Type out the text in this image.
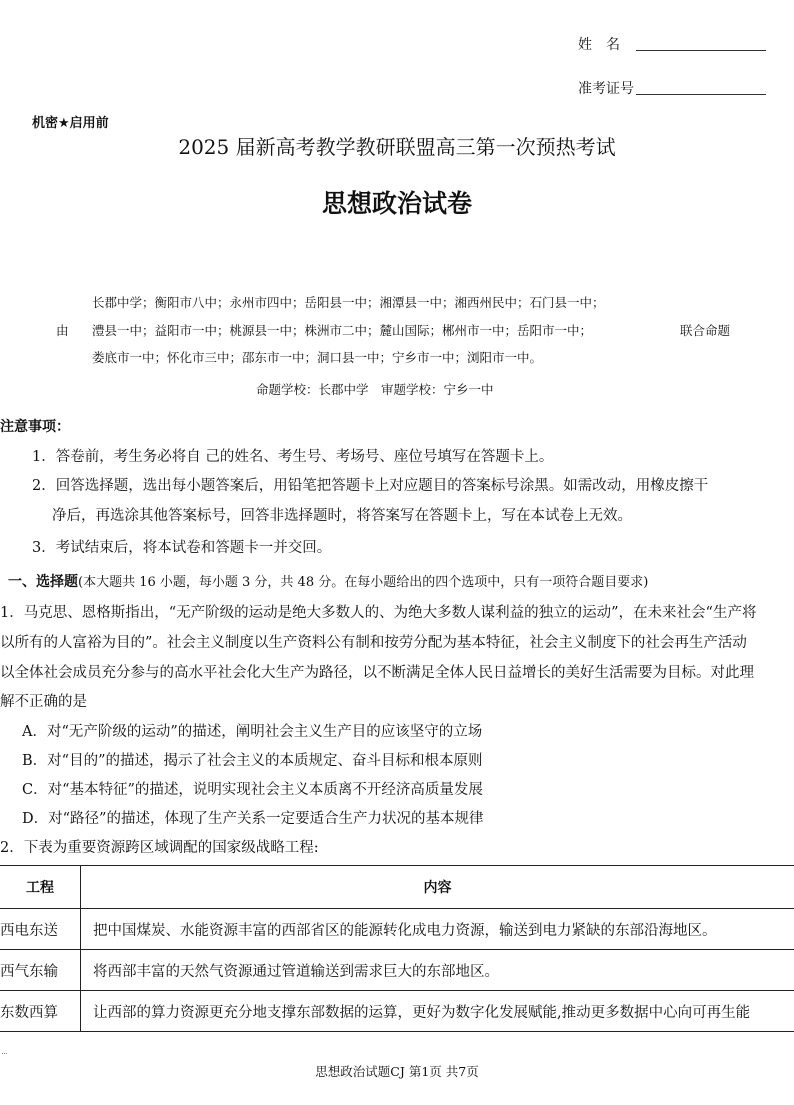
姓　名
准考证号
机密★启用前
2025 届新高考教学教研联盟高三第一次预热考试
思想政治试卷
长郡中学；衡阳市八中；永州市四中；岳阳县一中；湘潭县一中；湘西州民中；石门县一中；
由 澧县一中；益阳市一中；桃源县一中；株洲市二中；麓山国际；郴州市一中；岳阳市一中；	联合命题
娄底市一中；怀化市三中；邵东市一中；洞口县一中；宁乡市一中；浏阳市一中。
命题学校：长郡中学　审题学校：宁乡一中
注意事项：
1．答卷前，考生务必将自 己的姓名、考生号、考场号、座位号填写在答题卡上。
2．回答选择题，选出每小题答案后，用铅笔把答题卡上对应题目的答案标号涂黑。如需改动，用橡皮擦干
净后，再选涂其他答案标号，回答非选择题时，将答案写在答题卡上，写在本试卷上无效。
3．考试结束后，将本试卷和答题卡一并交回。
一、选择题(本大题共 16 小题，每小题 3 分，共 48 分。在每小题给出的四个选项中，只有一项符合题目要求)
1．马克思、恩格斯指出，“无产阶级的运动是绝大多数人的、为绝大多数人谋利益的独立的运动”，在未来社会“生产将
以所有的人富裕为目的”。社会主义制度以生产资料公有制和按劳分配为基本特征，社会主义制度下的社会再生产活动
以全体社会成员充分参与的高水平社会化大生产为路径，以不断满足全体人民日益增长的美好生活需要为目标。对此理
解不正确的是
A．对“无产阶级的运动”的描述，阐明社会主义生产目的应该坚守的立场
B．对“目的”的描述，揭示了社会主义的本质规定、奋斗目标和根本原则
C．对“基本特征”的描述，说明实现社会主义本质离不开经济高质量发展
D．对“路径”的描述，体现了生产关系一定要适合生产力状况的基本规律
2．下表为重要资源跨区域调配的国家级战略工程:
工程	内容
西电东送	把中国煤炭、水能资源丰富的西部省区的能源转化成电力资源，输送到电力紧缺的东部沿海地区。
西气东输	将西部丰富的天然气资源通过管道输送到需求巨大的东部地区。
东数西算	让西部的算力资源更充分地支撑东部数据的运算，更好为数字化发展赋能,推动更多数据中心向可再生能
思想政治试题CJ 第1页 共7页
